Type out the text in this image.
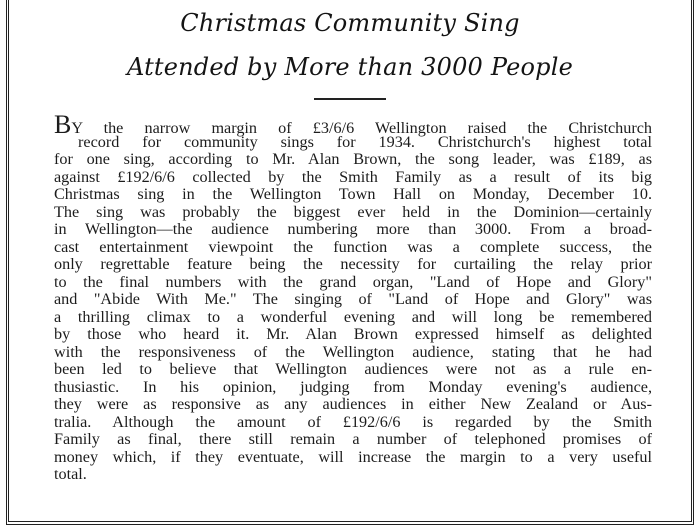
Christmas Community Sing
Attended by More than 3000 People
BY the narrow margin of £3/6/6 Wellington raised the Christchurch
record for community sings for 1934. Christchurch's highest total
for one sing, according to Mr. Alan Brown, the song leader, was £189, as
against £192/6/6 collected by the Smith Family as a result of its big
Christmas sing in the Wellington Town Hall on Monday, December 10.
The sing was probably the biggest ever held in the Dominion—certainly
in Wellington—the audience numbering more than 3000. From a broad-
cast entertainment viewpoint the function was a complete success, the
only regrettable feature being the necessity for curtailing the relay prior
to the final numbers with the grand organ, "Land of Hope and Glory"
and "Abide With Me." The singing of "Land of Hope and Glory" was
a thrilling climax to a wonderful evening and will long be remembered
by those who heard it. Mr. Alan Brown expressed himself as delighted
with the responsiveness of the Wellington audience, stating that he had
been led to believe that Wellington audiences were not as a rule en-
thusiastic. In his opinion, judging from Monday evening's audience,
they were as responsive as any audiences in either New Zealand or Aus-
tralia. Although the amount of £192/6/6 is regarded by the Smith
Family as final, there still remain a number of telephoned promises of
money which, if they eventuate, will increase the margin to a very useful
total.
